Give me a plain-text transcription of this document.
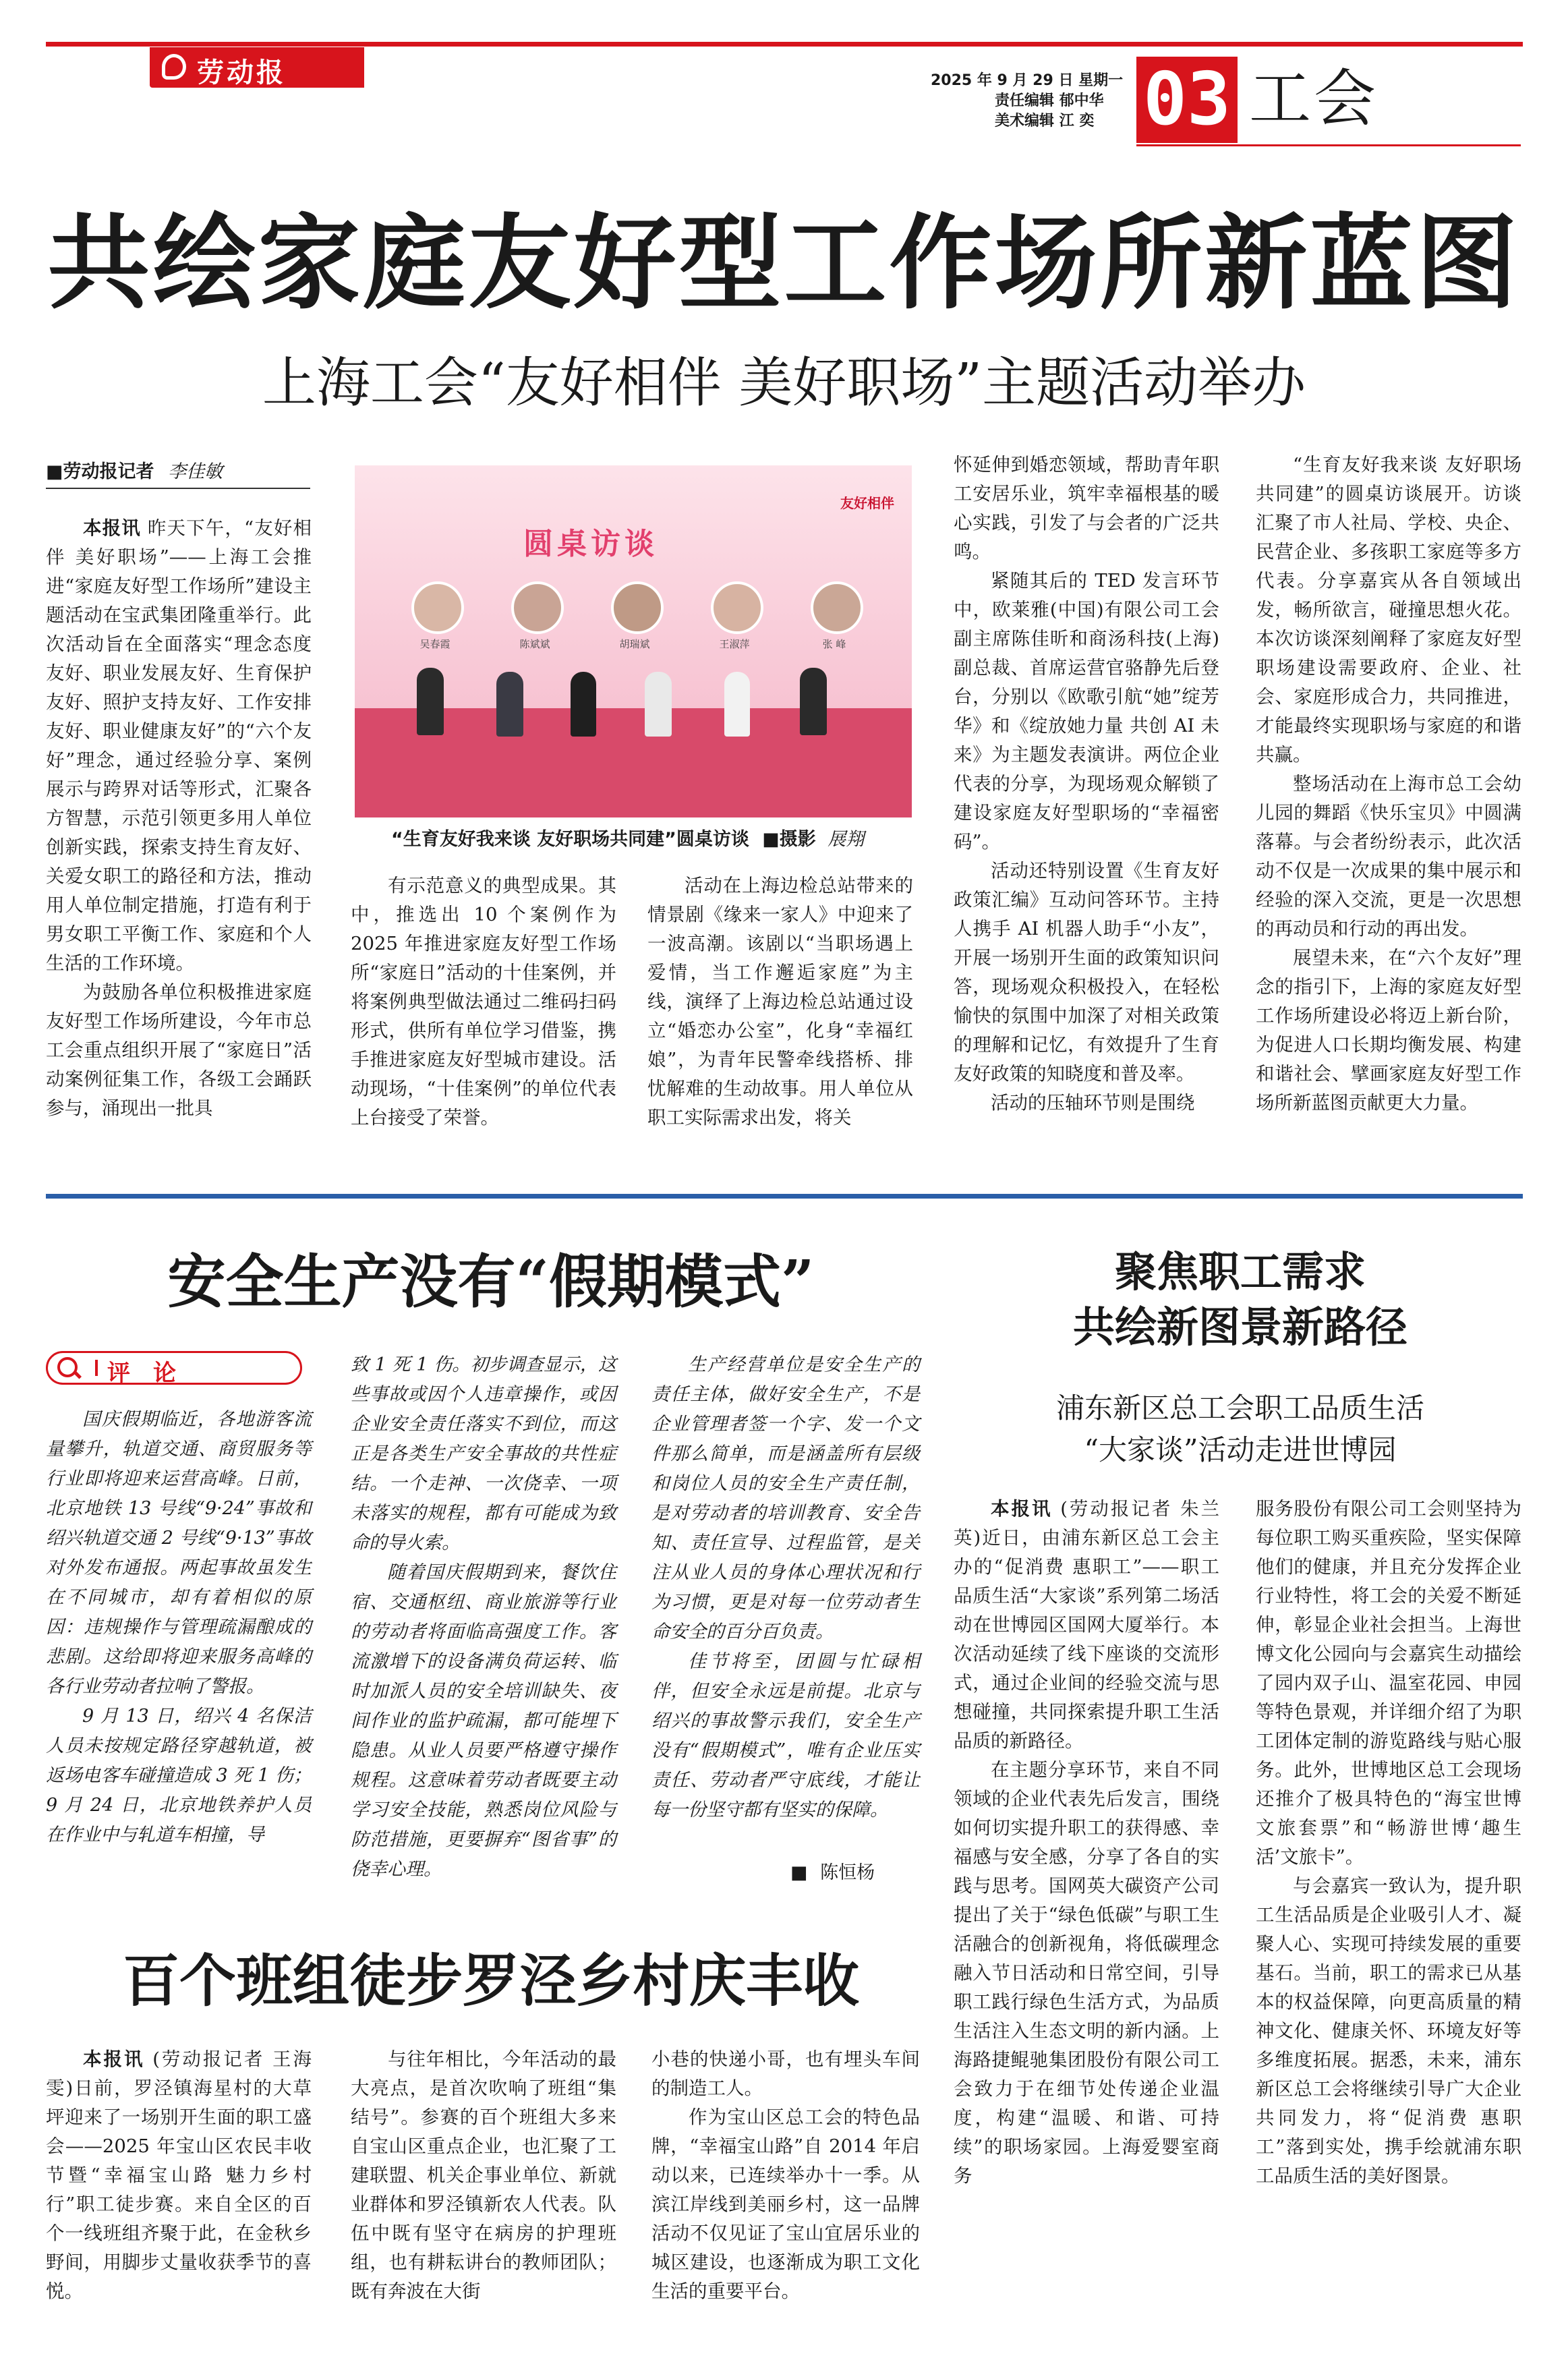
劳动报	2025 年 9 月 29 日 星期一
责任编辑 郁中华
美术编辑 江 奕 03 工会
共绘家庭友好型工作场所新蓝图
上海工会“友好相伴 美好职场”主题活动举办
■劳动报记者 李佳敏
圆桌访谈
友好相伴
吴春霞	陈斌斌	胡瑞斌	王淑萍	张 峰
“生育友好我来谈 友好职场共同建”圆桌访谈 ■摄影 展翔

本报讯 昨天下午，“友好相伴 美好职场”——上海工会推进“家庭友好型工作场所”建设主题活动在宝武集团隆重举行。此次活动旨在全面落实“理念态度友好、职业发展友好、生育保护友好、照护支持友好、工作安排友好、职业健康友好”的“六个友好”理念，通过经验分享、案例展示与跨界对话等形式，汇聚各方智慧，示范引领更多用人单位创新实践，探索支持生育友好、关爱女职工的路径和方法，推动用人单位制定措施，打造有利于男女职工平衡工作、家庭和个人生活的工作环境。

为鼓励各单位积极推进家庭友好型工作场所建设，今年市总工会重点组织开展了“家庭日”活动案例征集工作，各级工会踊跃参与，涌现出一批具

有示范意义的典型成果。其中，推选出 10 个案例作为 2025 年推进家庭友好型工作场所“家庭日”活动的十佳案例，并将案例典型做法通过二维码扫码形式，供所有单位学习借鉴，携手推进家庭友好型城市建设。活动现场，“十佳案例”的单位代表上台接受了荣誉。

活动在上海边检总站带来的情景剧《缘来一家人》中迎来了一波高潮。该剧以“当职场遇上爱情，当工作邂逅家庭”为主线，演绎了上海边检总站通过设立“婚恋办公室”，化身“幸福红娘”，为青年民警牵线搭桥、排忧解难的生动故事。用人单位从职工实际需求出发，将关

怀延伸到婚恋领域，帮助青年职工安居乐业，筑牢幸福根基的暖心实践，引发了与会者的广泛共鸣。

紧随其后的 TED 发言环节中，欧莱雅(中国)有限公司工会副主席陈佳昕和商汤科技(上海)副总裁、首席运营官骆静先后登台，分别以《欧歌引航“她”绽芳华》和《绽放她力量 共创 AI 未来》为主题发表演讲。两位企业代表的分享，为现场观众解锁了建设家庭友好型职场的“幸福密码”。

活动还特别设置《生育友好政策汇编》互动问答环节。主持人携手 AI 机器人助手“小友”，开展一场别开生面的政策知识问答，现场观众积极投入，在轻松愉快的氛围中加深了对相关政策的理解和记忆，有效提升了生育友好政策的知晓度和普及率。

活动的压轴环节则是围绕

“生育友好我来谈 友好职场共同建”的圆桌访谈展开。访谈汇聚了市人社局、学校、央企、民营企业、多孩职工家庭等多方代表。分享嘉宾从各自领域出发，畅所欲言，碰撞思想火花。本次访谈深刻阐释了家庭友好型职场建设需要政府、企业、社会、家庭形成合力，共同推进，才能最终实现职场与家庭的和谐共赢。

整场活动在上海市总工会幼儿园的舞蹈《快乐宝贝》中圆满落幕。与会者纷纷表示，此次活动不仅是一次成果的集中展示和经验的深入交流，更是一次思想的再动员和行动的再出发。

展望未来，在“六个友好”理念的指引下，上海的家庭友好型工作场所建设必将迈上新台阶，为促进人口长期均衡发展、构建和谐社会、擘画家庭友好型工作场所新蓝图贡献更大力量。

安全生产没有“假期模式”
评　论

国庆假期临近，各地游客流量攀升，轨道交通、商贸服务等行业即将迎来运营高峰。日前，北京地铁 13 号线“9·24”事故和绍兴轨道交通 2 号线“9·13”事故对外发布通报。两起事故虽发生在不同城市，却有着相似的原因：违规操作与管理疏漏酿成的悲剧。这给即将迎来服务高峰的各行业劳动者拉响了警报。

9 月 13 日，绍兴 4 名保洁人员未按规定路径穿越轨道，被返场电客车碰撞造成 3 死 1 伤；9 月 24 日，北京地铁养护人员在作业中与轧道车相撞，导

致 1 死 1 伤。初步调查显示，这些事故或因个人违章操作，或因企业安全责任落实不到位，而这正是各类生产安全事故的共性症结。一个走神、一次侥幸、一项未落实的规程，都有可能成为致命的导火索。

随着国庆假期到来，餐饮住宿、交通枢纽、商业旅游等行业的劳动者将面临高强度工作。客流激增下的设备满负荷运转、临时加派人员的安全培训缺失、夜间作业的监护疏漏，都可能埋下隐患。从业人员要严格遵守操作规程。这意味着劳动者既要主动学习安全技能，熟悉岗位风险与防范措施，更要摒弃“图省事”的侥幸心理。

生产经营单位是安全生产的责任主体，做好安全生产，不是企业管理者签一个字、发一个文件那么简单，而是涵盖所有层级和岗位人员的安全生产责任制，是对劳动者的培训教育、安全告知、责任宣导、过程监管，是关注从业人员的身体心理状况和行为习惯，更是对每一位劳动者生命安全的百分百负责。

佳节将至，团圆与忙碌相伴，但安全永远是前提。北京与绍兴的事故警示我们，安全生产没有“假期模式”，唯有企业压实责任、劳动者严守底线，才能让每一份坚守都有坚实的保障。

■ 陈恒杨
百个班组徒步罗泾乡村庆丰收

本报讯 (劳动报记者 王海雯)日前，罗泾镇海星村的大草坪迎来了一场别开生面的职工盛会——2025 年宝山区农民丰收节暨“幸福宝山路 魅力乡村行”职工徒步赛。来自全区的百个一线班组齐聚于此，在金秋乡野间，用脚步丈量收获季节的喜悦。

与往年相比，今年活动的最大亮点，是首次吹响了班组“集结号”。参赛的百个班组大多来自宝山区重点企业，也汇聚了工建联盟、机关企事业单位、新就业群体和罗泾镇新农人代表。队伍中既有坚守在病房的护理班组，也有耕耘讲台的教师团队；既有奔波在大街

小巷的快递小哥，也有埋头车间的制造工人。

作为宝山区总工会的特色品牌，“幸福宝山路”自 2014 年启动以来，已连续举办十一季。从滨江岸线到美丽乡村，这一品牌活动不仅见证了宝山宜居乐业的城区建设，也逐渐成为职工文化生活的重要平台。

聚焦职工需求
共绘新图景新路径
浦东新区总工会职工品质生活
“大家谈”活动走进世博园

本报讯 (劳动报记者 朱兰英)近日，由浦东新区总工会主办的“促消费 惠职工”——职工品质生活“大家谈”系列第二场活动在世博园区国网大厦举行。本次活动延续了线下座谈的交流形式，通过企业间的经验交流与思想碰撞，共同探索提升职工生活品质的新路径。

在主题分享环节，来自不同领域的企业代表先后发言，围绕如何切实提升职工的获得感、幸福感与安全感，分享了各自的实践与思考。国网英大碳资产公司提出了关于“绿色低碳”与职工生活融合的创新视角，将低碳理念融入节日活动和日常空间，引导职工践行绿色生活方式，为品质生活注入生态文明的新内涵。上海路捷鲲驰集团股份有限公司工会致力于在细节处传递企业温度，构建“温暖、和谐、可持续”的职场家园。上海爱婴室商务

服务股份有限公司工会则坚持为每位职工购买重疾险，坚实保障他们的健康，并且充分发挥企业行业特性，将工会的关爱不断延伸，彰显企业社会担当。上海世博文化公园向与会嘉宾生动描绘了园内双子山、温室花园、申园等特色景观，并详细介绍了为职工团体定制的游览路线与贴心服务。此外，世博地区总工会现场还推介了极具特色的“海宝世博文旅套票”和“畅游世博‘趣生活’文旅卡”。

与会嘉宾一致认为，提升职工生活品质是企业吸引人才、凝聚人心、实现可持续发展的重要基石。当前，职工的需求已从基本的权益保障，向更高质量的精神文化、健康关怀、环境友好等多维度拓展。据悉，未来，浦东新区总工会将继续引导广大企业共同发力，将“促消费 惠职工”落到实处，携手绘就浦东职工品质生活的美好图景。
